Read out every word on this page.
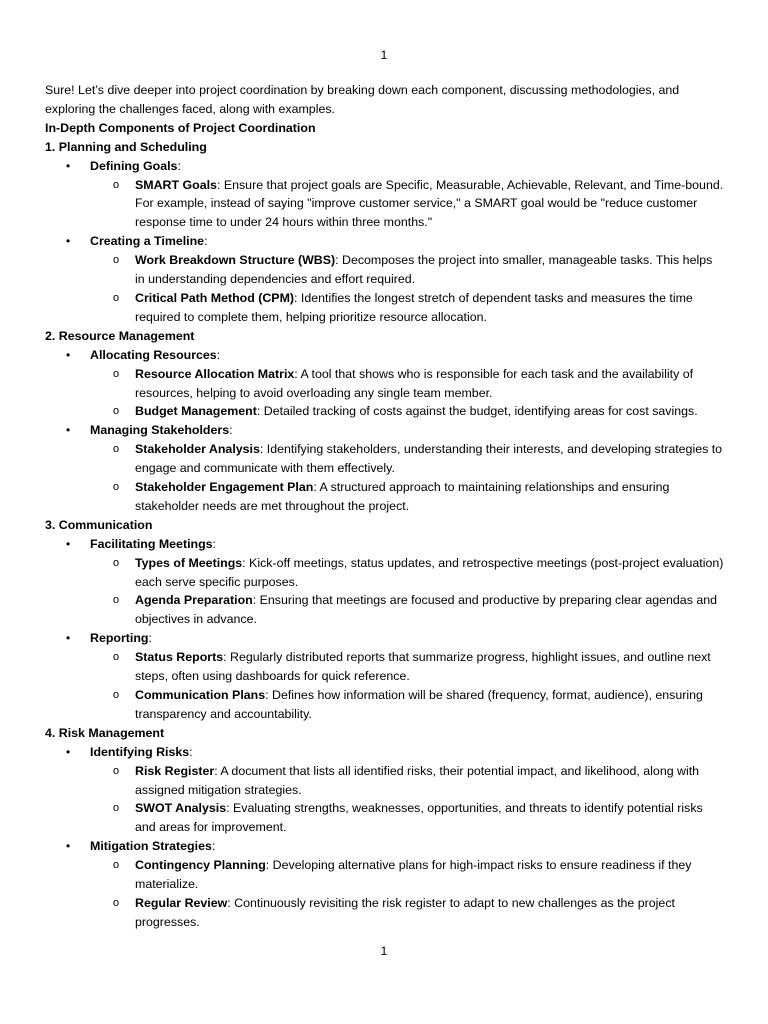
1

Sure! Let’s dive deeper into project coordination by breaking down each component, discussing methodologies, and exploring the challenges faced, along with examples.

In-Depth Components of Project Coordination

1. Planning and Scheduling

• Defining Goals:
o SMART Goals: Ensure that project goals are Specific, Measurable, Achievable, Relevant, and Time-bound. For example, instead of saying "improve customer service," a SMART goal would be "reduce customer response time to under 24 hours within three months."
• Creating a Timeline:
o Work Breakdown Structure (WBS): Decomposes the project into smaller, manageable tasks. This helps in understanding dependencies and effort required.
o Critical Path Method (CPM): Identifies the longest stretch of dependent tasks and measures the time required to complete them, helping prioritize resource allocation.

2. Resource Management

• Allocating Resources:
o Resource Allocation Matrix: A tool that shows who is responsible for each task and the availability of resources, helping to avoid overloading any single team member.
o Budget Management: Detailed tracking of costs against the budget, identifying areas for cost savings.
• Managing Stakeholders:
o Stakeholder Analysis: Identifying stakeholders, understanding their interests, and developing strategies to engage and communicate with them effectively.
o Stakeholder Engagement Plan: A structured approach to maintaining relationships and ensuring stakeholder needs are met throughout the project.

3. Communication

• Facilitating Meetings:
o Types of Meetings: Kick-off meetings, status updates, and retrospective meetings (post-project evaluation) each serve specific purposes.
o Agenda Preparation: Ensuring that meetings are focused and productive by preparing clear agendas and objectives in advance.
• Reporting:
o Status Reports: Regularly distributed reports that summarize progress, highlight issues, and outline next steps, often using dashboards for quick reference.
o Communication Plans: Defines how information will be shared (frequency, format, audience), ensuring transparency and accountability.

4. Risk Management

• Identifying Risks:
o Risk Register: A document that lists all identified risks, their potential impact, and likelihood, along with assigned mitigation strategies.
o SWOT Analysis: Evaluating strengths, weaknesses, opportunities, and threats to identify potential risks and areas for improvement.
• Mitigation Strategies:
o Contingency Planning: Developing alternative plans for high-impact risks to ensure readiness if they materialize.
o Regular Review: Continuously revisiting the risk register to adapt to new challenges as the project progresses.
1
